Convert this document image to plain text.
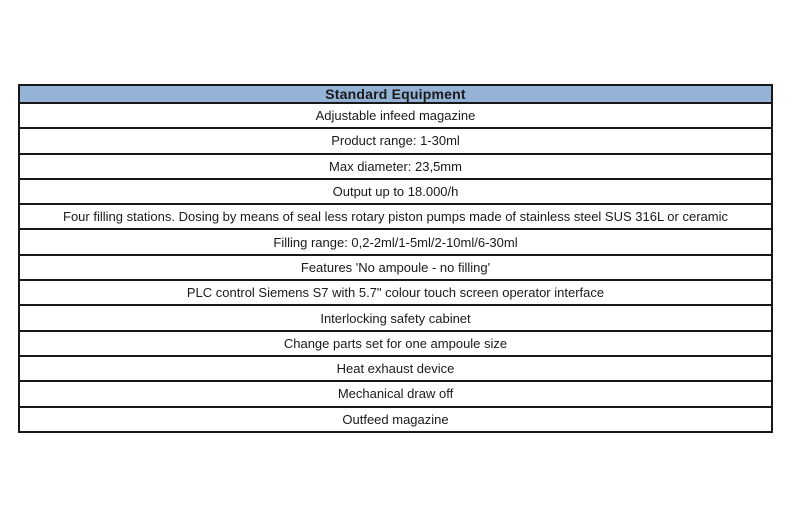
Standard Equipment
Adjustable infeed magazine
Product range: 1-30ml
Max diameter: 23,5mm
Output up to 18.000/h
Four filling stations. Dosing by means of seal less rotary piston pumps made of stainless steel SUS 316L or ceramic
Filling range: 0,2-2ml/1-5ml/2-10ml/6-30ml
Features 'No ampoule - no filling'
PLC control Siemens S7 with 5.7" colour touch screen operator interface
Interlocking safety cabinet
Change parts set for one ampoule size
Heat exhaust device
Mechanical draw off
Outfeed magazine
